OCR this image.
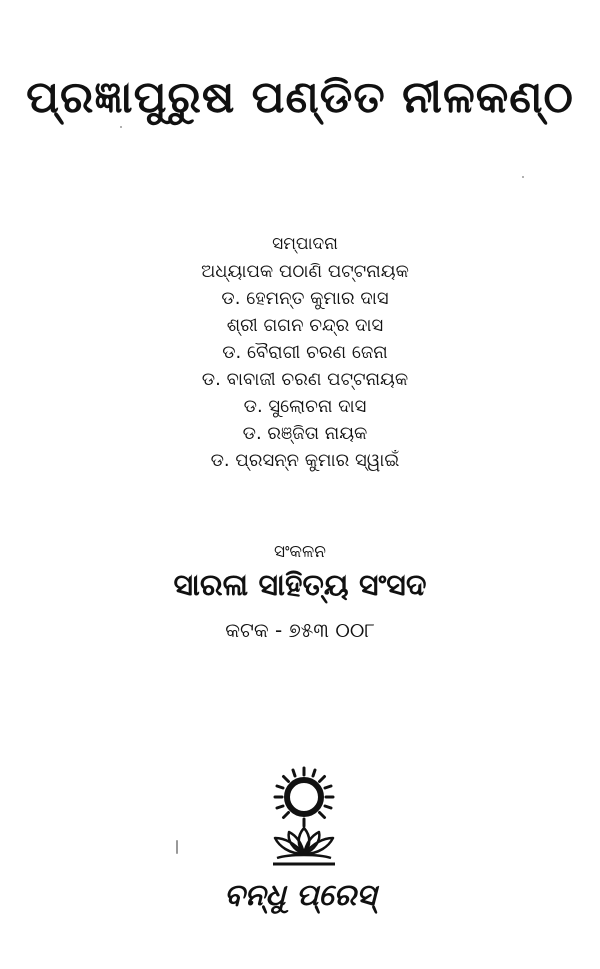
ପ୍ରଜ୍ଞାପୁରୁଷ ପଣ୍ଡିତ ନୀଳକଣ୍ଠ
ସମ୍ପାଦନା
ଅଧ୍ୟାପକ ପଠାଣି ପଟ୍ଟନାୟକ
ଡ. ହେମନ୍ତ କୁମାର ଦାସ
ଶ୍ରୀ ଗଗନ ଚନ୍ଦ୍ର ଦାସ
ଡ. ବୈରାଗୀ ଚରଣ ଜେନା
ଡ. ବାବାଜୀ ଚରଣ ପଟ୍ଟନାୟକ
ଡ. ସୁଲୋଚନା ଦାସ
ଡ. ରଞ୍ଜିତା ନାୟକ
ଡ. ପ୍ରସନ୍ନ କୁମାର ସ୍ୱାଇଁ
ସଂକଳନ
ସାରଳା ସାହିତ୍ୟ ସଂସଦ
କଟକ - ୭୫୩ ୦୦୮
ବନ୍ଧୁ ପ୍ରେସ୍
